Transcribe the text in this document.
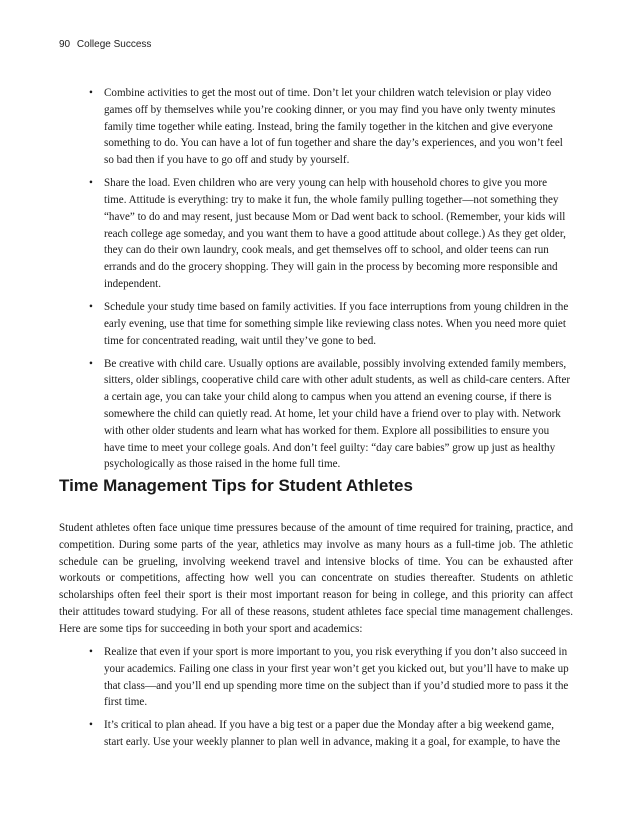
90 College Success
• Combine activities to get the most out of time. Don’t let your children watch television or play video games off by themselves while you’re cooking dinner, or you may find you have only twenty minutes family time together while eating. Instead, bring the family together in the kitchen and give everyone something to do. You can have a lot of fun together and share the day’s experiences, and you won’t feel so bad then if you have to go off and study by yourself.
• Share the load. Even children who are very young can help with household chores to give you more time. Attitude is everything: try to make it fun, the whole family pulling together—not something they “have” to do and may resent, just because Mom or Dad went back to school. (Remember, your kids will reach college age someday, and you want them to have a good attitude about college.) As they get older, they can do their own laundry, cook meals, and get themselves off to school, and older teens can run errands and do the grocery shopping. They will gain in the process by becoming more responsible and independent.
• Schedule your study time based on family activities. If you face interruptions from young children in the early evening, use that time for something simple like reviewing class notes. When you need more quiet time for concentrated reading, wait until they’ve gone to bed.
• Be creative with child care. Usually options are available, possibly involving extended family members, sitters, older siblings, cooperative child care with other adult students, as well as child-care centers. After a certain age, you can take your child along to campus when you attend an evening course, if there is somewhere the child can quietly read. At home, let your child have a friend over to play with. Network with other older students and learn what has worked for them. Explore all possibilities to ensure you have time to meet your college goals. And don’t feel guilty: “day care babies” grow up just as healthy psychologically as those raised in the home full time.
Time Management Tips for Student Athletes

Student athletes often face unique time pressures because of the amount of time required for training, practice, and competition. During some parts of the year, athletics may involve as many hours as a full-time job. The athletic schedule can be grueling, involving weekend travel and intensive blocks of time. You can be exhausted after workouts or competitions, affecting how well you can concentrate on studies thereafter. Students on athletic scholarships often feel their sport is their most important reason for being in college, and this priority can affect their attitudes toward studying. For all of these reasons, student athletes face special time management challenges. Here are some tips for succeeding in both your sport and academics:

• Realize that even if your sport is more important to you, you risk everything if you don’t also succeed in your academics. Failing one class in your first year won’t get you kicked out, but you’ll have to make up that class—and you’ll end up spending more time on the subject than if you’d studied more to pass it the first time.
• It’s critical to plan ahead. If you have a big test or a paper due the Monday after a big weekend game, start early. Use your weekly planner to plan well in advance, making it a goal, for example, to have the
